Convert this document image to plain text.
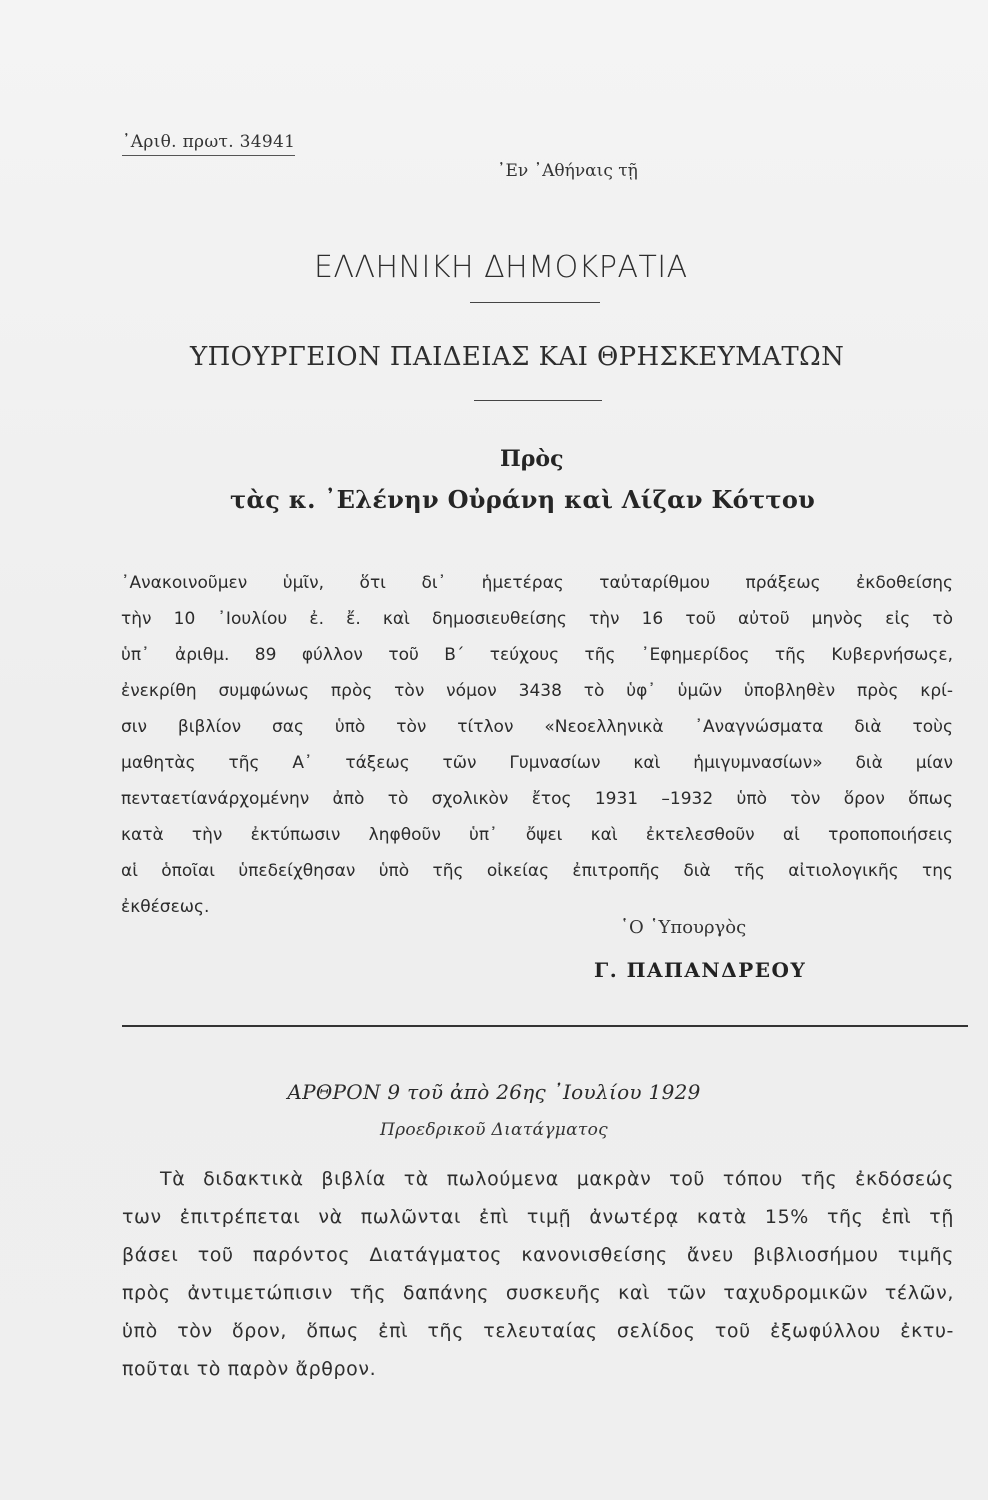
᾿Αριθ. πρωτ. 34941
᾿Εν ᾿Αθήναις τῇ
ΕΛΛΗΝΙΚΗ ΔΗΜΟΚΡΑΤΙΑ
ΥΠΟΥΡΓΕΙΟΝ ΠΑΙΔΕΙΑΣ ΚΑΙ ΘΡΗΣΚΕΥΜΑΤΩΝ
Πρὸς
τὰς κ. ᾿Ελένην Οὐράνη καὶ Λίζαν Κόττου
᾿Ανακοινοῦμεν ὑμῖν, ὅτι δι᾿ ἡμετέρας ταὐταρίθμου πράξεως ἐκδοθείσης
τὴν 10 ᾿Ιουλίου ἐ. ἔ. καὶ δημοσιευθείσης τὴν 16 τοῦ αὐτοῦ μηνὸς εἰς τὸ
ὑπ᾿ ἀριθμ. 89 φύλλον τοῦ Β΄ τεύχους τῆς ᾿Εφημερίδος τῆς Κυβερνήσωςε,
ἐνεκρίθη συμφώνως πρὸς τὸν νόμον 3438 τὸ ὑφ᾿ ὑμῶν ὑποβληθὲν πρὸς κρί-
σιν βιβλίον σας ὑπὸ τὸν τίτλον «Νεοελληνικὰ ᾿Αναγνώσματα διὰ τοὺς
μαθητὰς τῆς Α᾿ τάξεως τῶν Γυμνασίων καὶ ἡμιγυμνασίων» διὰ μίαν
πενταετίανάρχομένην ἀπὸ τὸ σχολικὸν ἔτος 1931 –1932 ὑπὸ τὸν ὅρον ὅπως
κατὰ τὴν ἐκτύπωσιν ληφθοῦν ὑπ᾿ ὄψει καὶ ἐκτελεσθοῦν αἱ τροποποιήσεις
αἱ ὁποῖαι ὑπεδείχθησαν ὑπὸ τῆς οἰκείας ἐπιτροπῆς διὰ τῆς αἰτιολογικῆς της
ἐκθέσεως.
῾Ο ῾Υπουργὸς
Γ. ΠΑΠΑΝΔΡΕΟΥ
ΑΡΘΡΟΝ 9 τοῦ ἀπὸ 26ης ᾿Ιουλίου 1929
Προεδρικοῦ Διατάγματος
Τὰ διδακτικὰ βιβλία τὰ πωλούμενα μακρὰν τοῦ τόπου τῆς ἐκδόσεώς
των ἐπιτρέπεται νὰ πωλῶνται ἐπὶ τιμῇ ἀνωτέρᾳ κατὰ 15% τῆς ἐπὶ τῇ
βάσει τοῦ παρόντος Διατάγματος κανονισθείσης ἄνευ βιβλιοσήμου τιμῆς
πρὸς ἀντιμετώπισιν τῆς δαπάνης συσκευῆς καὶ τῶν ταχυδρομικῶν τέλῶν,
ὑπὸ τὸν ὅρον, ὅπως ἐπὶ τῆς τελευταίας σελίδος τοῦ ἐξωφύλλου ἐκτυ-
ποῦται τὸ παρὸν ἄρθρον.
